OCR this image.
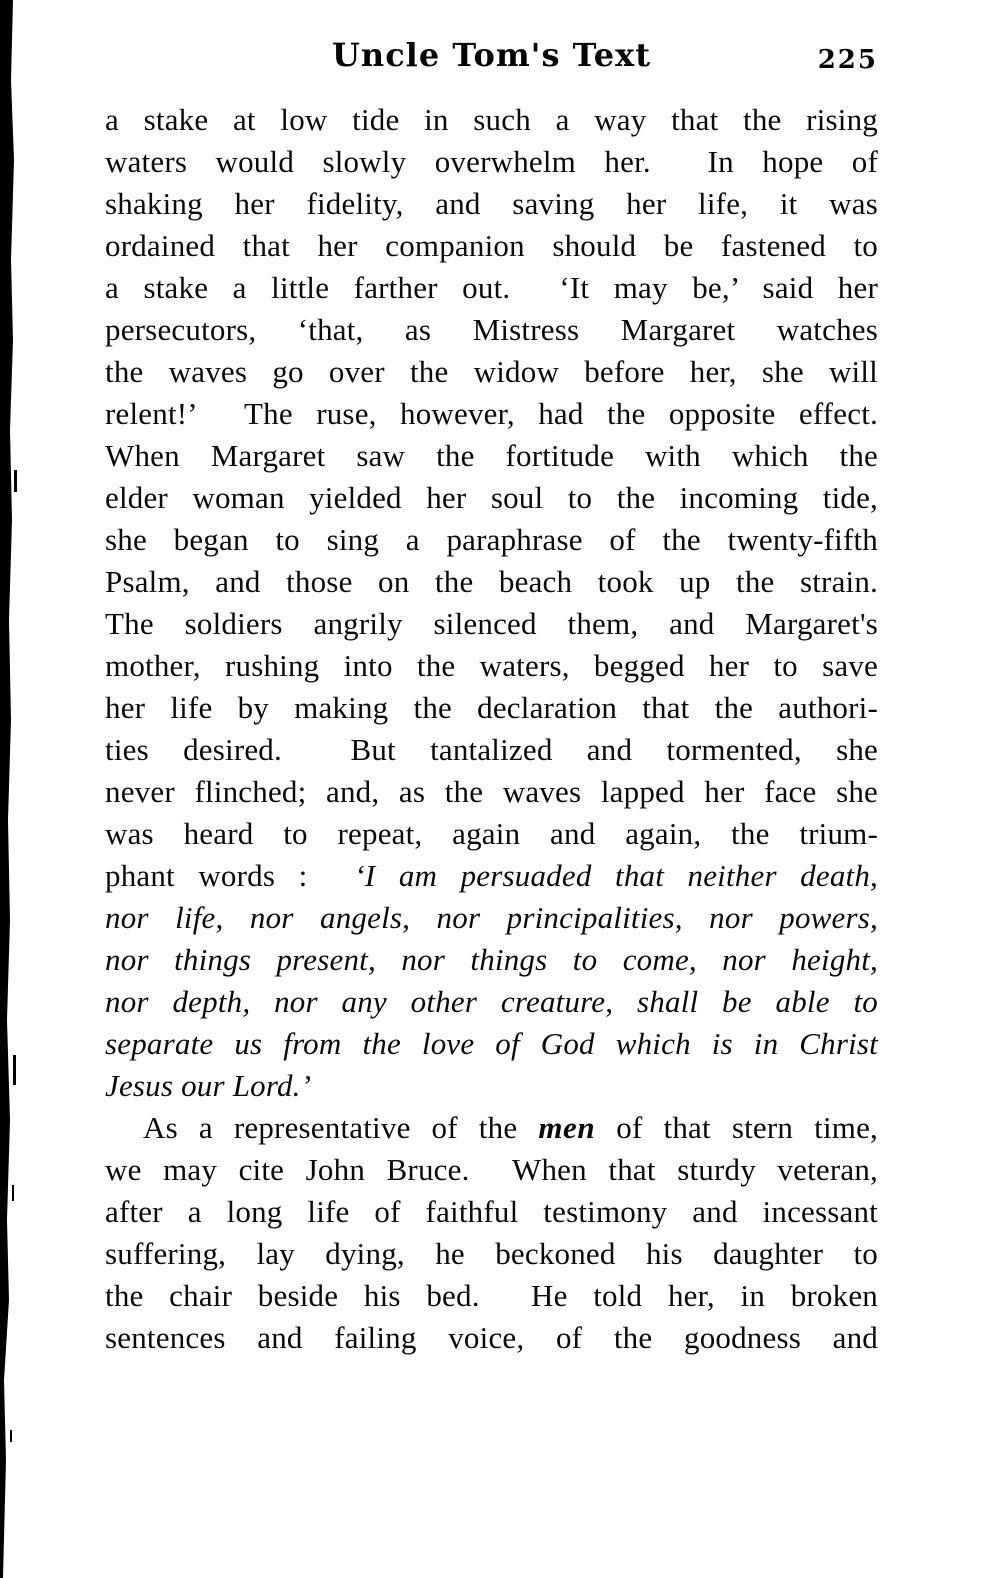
Uncle Tom's Text	225
a stake at low tide in such a way that the rising
waters would slowly overwhelm her.  In hope of
shaking her fidelity, and saving her life, it was
ordained that her companion should be fastened to
a stake a little farther out.  ‘It may be,’ said her
persecutors, ‘that, as Mistress Margaret watches
the waves go over the widow before her, she will
relent!’  The ruse, however, had the opposite effect.
When Margaret saw the fortitude with which the
elder woman yielded her soul to the incoming tide,
she began to sing a paraphrase of the twenty-fifth
Psalm, and those on the beach took up the strain.
The soldiers angrily silenced them, and Margaret's
mother, rushing into the waters, begged her to save
her life by making the declaration that the authori-
ties desired.  But tantalized and tormented, she
never flinched; and, as the waves lapped her face she
was heard to repeat, again and again, the trium-
phant words :  ‘I am persuaded that neither death,
nor life, nor angels, nor principalities, nor powers,
nor things present, nor things to come, nor height,
nor depth, nor any other creature, shall be able to
separate us from the love of God which is in Christ
Jesus our Lord.’
As a representative of the men of that stern time,
we may cite John Bruce.  When that sturdy veteran,
after a long life of faithful testimony and incessant
suffering, lay dying, he beckoned his daughter to
the chair beside his bed.  He told her, in broken
sentences and failing voice, of the goodness and
